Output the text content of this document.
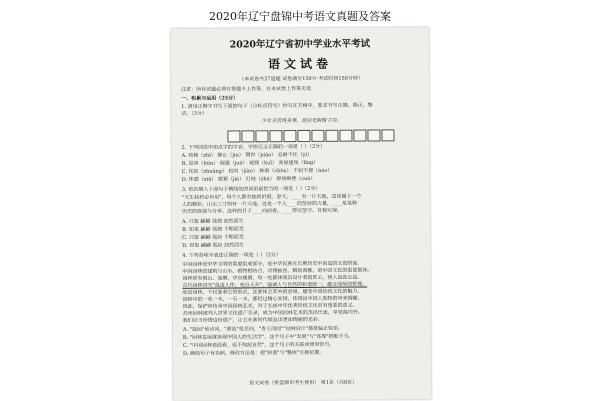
2020年辽宁盘锦中考语文真题及答案
2020年辽宁省初中学业水平考试
语文试卷
（本试卷共27道题 试卷满分150分 考试时间150分钟）
注意：所有试题必须在答题卡上作答，在本试卷上作答无效
一、积累与运用（25分）
1. 请用正楷字书写下面的句子（含标点符号）抄写在方格中，要求书写正确、端正、整
洁。（3分）
少年辛苦终身事，莫向光阴惰寸功。
2. 下列词语中加点字的字音、字形完全正确的一项是（ ）（2分）
A. 枝桠（zhī） 静止（jìn） 剽悍（piào） 忍耐不住（yì）
B. 恳谆（hūn） 倔强（jué） 窥探（kuī） 高屋建瓴（líng）
C. 化妆（zhuāng） 校对（jiào） 称职（chèn） 不屈不挠（náo）
D. 休憩（xiū） 慰藉（jiè） 灯烛（zhú） 抑扬顿挫（cuò）
3. 依次填入下面句子横线处的词语最恰当的一项是（ ）（2分）
"天生我材必有用"，每个人都有他的价值。春天，____有一片天地，这是属于一个
人的精彩。山无三寸则有一片天地，这是一个人____的坚持的力量，____是某种
历史的体现与分享。这样的日子____向前看，____得以坚守、自我实现。
A. 只要 翻翻 孤独 油然而生
B. 如果 翩翩 孤独 不期而至
C. 只要 翩翩 孤寂 不期而至
D. 如果 翩翩 孤寂 油然而生
4. 下列各项中表述正确的一项是（ ）（2分）
中国园林是中华文明的重要组成部分，是中华民族在长期历史中创造的宝贵财富。
中国园林的建筑与山水、植物相结合，诗情画意，精致典雅，是中国文化的重要载体。
园林里有假山、池塘、亭台楼阁，每一处都体现出设计者的匠心，使人流连忘返。
古代园林讲究"虽由人作，宛自天开"，强调人与自然的和谐统一，蕴含深厚的哲理。
欣赏园林，不仅要看它的形式，还要体会其中的意境，感受中国传统文化的魅力。
园林中的一花一木，一石一水，都经过精心安排，体现出中国人独特的审美情趣。
因此，保护和传承中国园林艺术，对于弘扬中华优秀传统文化具有重要的意义。
苏州园林被列入世界文化遗产名录，成为中国园林艺术的杰出代表，享誉海内外。
我们应当珍惜这份遗产，让它在新时代焕发出更加绚丽的光彩。
A. "造园"是动词，"源流"是名词，"香王而园""园林设计"都是偏正短语。
B. "园林发展就体现中国人的生活学"，这个句子中"发展"与"体现"搭配不当。
C. "中国园林表面看，但不拘泥自然"，这个句子的关联词使用恰当。
D. 画线句子有语病，修改方法是：把"和谐"与"整体"互换位置。
语文试卷（供盘锦市考生使用） 第1页（共8页）
